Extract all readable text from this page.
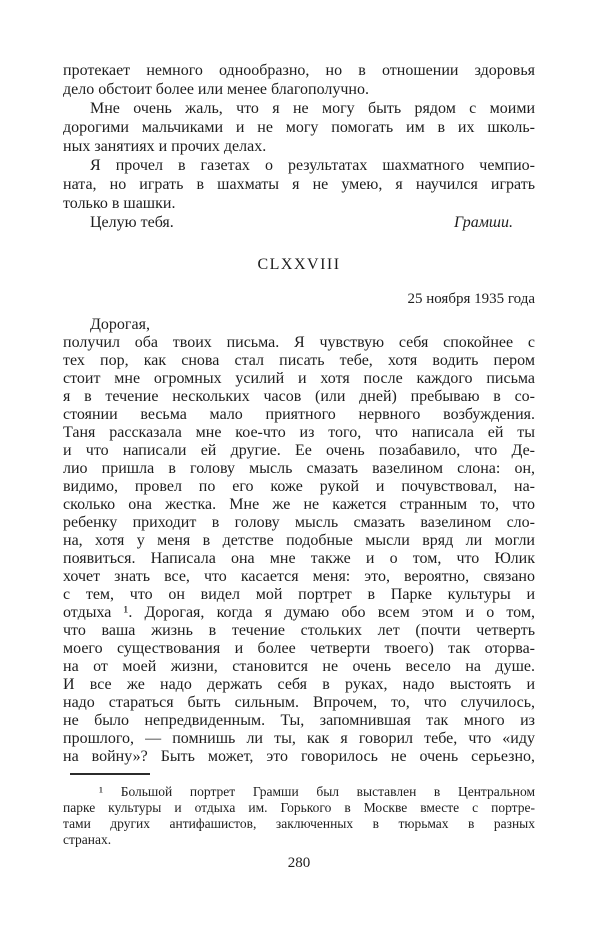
протекает немного однообразно, но в отношении здоровья
дело обстоит более или менее благополучно.
Мне очень жаль, что я не могу быть рядом с моими
дорогими мальчиками и не могу помогать им в их школь-
ных занятиях и прочих делах.
Я прочел в газетах о результатах шахматного чемпио-
ната, но играть в шахматы я не умею, я научился играть
только в шашки.
Целую тебя.	Грамши.
CLXXVIII
25 ноября 1935 года
Дорогая,
получил оба твоих письма. Я чувствую себя спокойнее с
тех пор, как снова стал писать тебе, хотя водить пером
стоит мне огромных усилий и хотя после каждого письма
я в течение нескольких часов (или дней) пребываю в со-
стоянии весьма мало приятного нервного возбуждения.
Таня рассказала мне кое-что из того, что написала ей ты
и что написали ей другие. Ее очень позабавило, что Де-
лио пришла в голову мысль смазать вазелином слона: он,
видимо, провел по его коже рукой и почувствовал, на-
сколько она жестка. Мне же не кажется странным то, что
ребенку приходит в голову мысль смазать вазелином сло-
на, хотя у меня в детстве подобные мысли вряд ли могли
появиться. Написала она мне также и о том, что Юлик
хочет знать все, что касается меня: это, вероятно, связано
с тем, что он видел мой портрет в Парке культуры и
отдыха ¹. Дорогая, когда я думаю обо всем этом и о том,
что ваша жизнь в течение стольких лет (почти четверть
моего существования и более четверти твоего) так оторва-
на от моей жизни, становится не очень весело на душе.
И все же надо держать себя в руках, надо выстоять и
надо стараться быть сильным. Впрочем, то, что случилось,
не было непредвиденным. Ты, запомнившая так много из
прошлого, — помнишь ли ты, как я говорил тебе, что «иду
на войну»? Быть может, это говорилось не очень серьезно,
¹ Большой портрет Грамши был выставлен в Центральном
парке культуры и отдыха им. Горького в Москве вместе с портре-
тами других антифашистов, заключенных в тюрьмах в разных
странах.
280
